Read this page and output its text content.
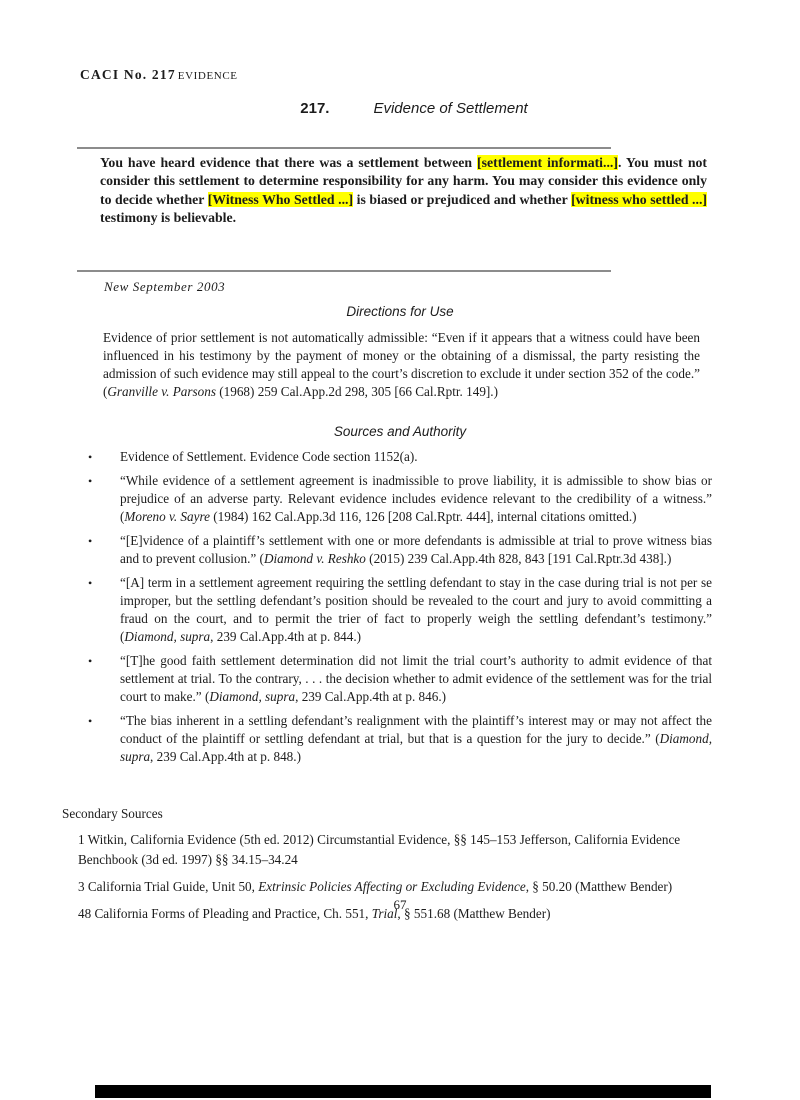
CACI No. 217 EVIDENCE
217.	Evidence of Settlement
You have heard evidence that there was a settlement between [settlement informati...]. You must not consider this settlement to determine responsibility for any harm. You may consider this evidence only to decide whether [Witness Who Settled ...] is biased or prejudiced and whether [witness who settled ...] testimony is believable.
New September 2003
Directions for Use
Evidence of prior settlement is not automatically admissible: “Even if it appears that a witness could have been influenced in his testimony by the payment of money or the obtaining of a dismissal, the party resisting the admission of such evidence may still appeal to the court’s discretion to exclude it under section 352 of the code.” (Granville v. Parsons (1968) 259 Cal.App.2d 298, 305 [66 Cal.Rptr. 149].)
Sources and Authority
•	Evidence of Settlement. Evidence Code section 1152(a).
•	“While evidence of a settlement agreement is inadmissible to prove liability, it is admissible to show bias or prejudice of an adverse party. Relevant evidence includes evidence relevant to the credibility of a witness.” (Moreno v. Sayre (1984) 162 Cal.App.3d 116, 126 [208 Cal.Rptr. 444], internal citations omitted.)
•	“[E]vidence of a plaintiff’s settlement with one or more defendants is admissible at trial to prove witness bias and to prevent collusion.” (Diamond v. Reshko (2015) 239 Cal.App.4th 828, 843 [191 Cal.Rptr.3d 438].)
•	“[A] term in a settlement agreement requiring the settling defendant to stay in the case during trial is not per se improper, but the settling defendant’s position should be revealed to the court and jury to avoid committing a fraud on the court, and to permit the trier of fact to properly weigh the settling defendant’s testimony.” (Diamond, supra, 239 Cal.App.4th at p. 844.)
•	“[T]he good faith settlement determination did not limit the trial court’s authority to admit evidence of that settlement at trial. To the contrary, . . . the decision whether to admit evidence of the settlement was for the trial court to make.” (Diamond, supra, 239 Cal.App.4th at p. 846.)
•	“The bias inherent in a settling defendant’s realignment with the plaintiff’s interest may or may not affect the conduct of the plaintiff or settling defendant at trial, but that is a question for the jury to decide.” (Diamond, supra, 239 Cal.App.4th at p. 848.)
Secondary Sources
1 Witkin, California Evidence (5th ed. 2012) Circumstantial Evidence, §§ 145–153 Jefferson, California Evidence Benchbook (3d ed. 1997) §§ 34.15–34.24
3 California Trial Guide, Unit 50, Extrinsic Policies Affecting or Excluding Evidence, § 50.20 (Matthew Bender)
48 California Forms of Pleading and Practice, Ch. 551, Trial, § 551.68 (Matthew Bender)
67
